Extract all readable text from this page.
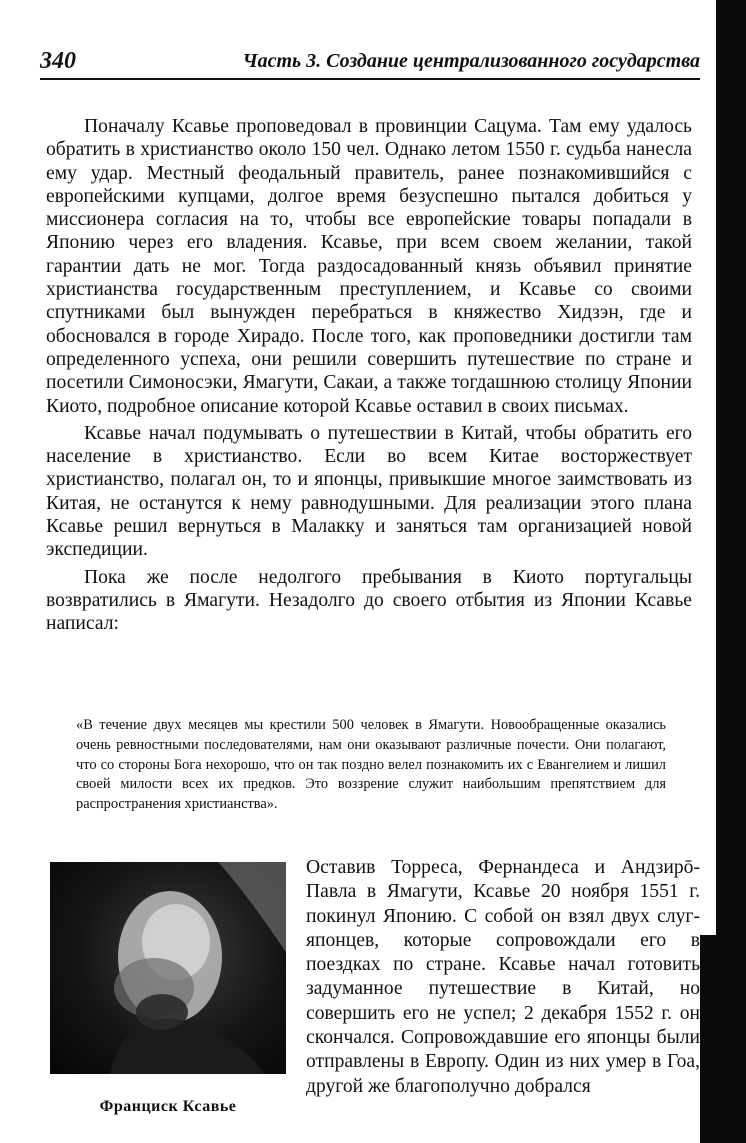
340	Часть 3. Создание централизованного государства

Поначалу Ксавье проповедовал в провинции Сацума. Там ему удалось обратить в христианство около 150 чел. Однако летом 1550 г. судьба нанесла ему удар. Местный феодальный правитель, ранее познакомившийся с европейскими купцами, долгое время безуспешно пытался добиться у миссионера согласия на то, чтобы все европейские товары попадали в Японию через его владения. Ксавье, при всем своем желании, такой гарантии дать не мог. Тогда раздосадованный князь объявил принятие христианства государственным преступлением, и Ксавье со своими спутниками был вынужден перебраться в княжество Хидзэн, где и обосновался в городе Хирадо. После того, как проповедники достигли там определенного успеха, они решили совершить путешествие по стране и посетили Симоносэки, Ямагути, Сакаи, а также тогдашнюю столицу Японии Киото, подробное описание которой Ксавье оставил в своих письмах.

Ксавье начал подумывать о путешествии в Китай, чтобы обратить его население в христианство. Если во всем Китае восторжествует христианство, полагал он, то и японцы, привыкшие многое заимствовать из Китая, не останутся к нему равнодушными. Для реализации этого плана Ксавье решил вернуться в Малакку и заняться там организацией новой экспедиции.

Пока же после недолгого пребывания в Киото португальцы возвратились в Ямагути. Незадолго до своего отбытия из Японии Ксавье написал:

«В течение двух месяцев мы крестили 500 человек в Ямагути. Новообращенные оказались очень ревностными последователями, нам они оказывают различные почести. Они полагают, что со стороны Бога нехорошо, что он так поздно велел познакомить их с Евангелием и лишил своей милости всех их предков. Это воззрение служит наибольшим препятствием для распространения христианства».
Франциск Ксавье

Оставив Торреса, Фернандеса и Андзирō-Павла в Ямагути, Ксавье 20 ноября 1551 г. покинул Японию. С собой он взял двух слуг-японцев, которые сопровождали его в поездках по стране. Ксавье начал готовить задуманное путешествие в Китай, но совершить его не успел; 2 декабря 1552 г. он скончался. Сопровождавшие его японцы были отправлены в Европу. Один из них умер в Гоа, другой же благополучно добрался
